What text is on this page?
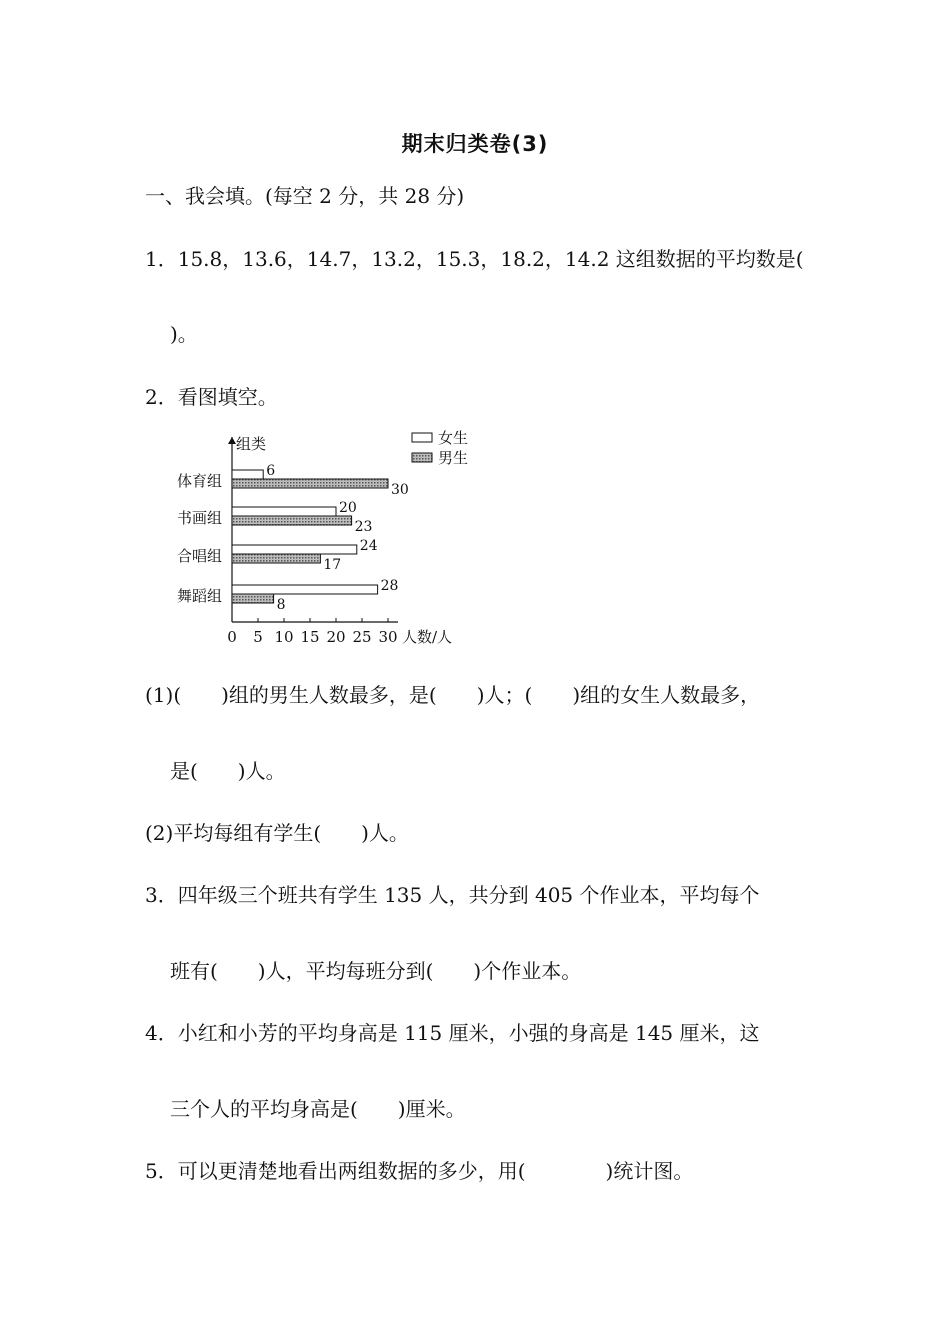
期末归类卷(3)
一、我会填。(每空 2 分，共 28 分)
1．15.8，13.6，14.7，13.2，15.3，18.2，14.2 这组数据的平均数是(
)。
2．看图填空。
组类
0 5 10 15 20 25 30 人数/人
体育组
6
30
书画组
20
23
合唱组
24
17
舞蹈组
28
8
女生
男生
(1)(　　)组的男生人数最多，是(　　)人；(　　)组的女生人数最多，
是(　　)人。
(2)平均每组有学生(　　)人。
3．四年级三个班共有学生 135 人，共分到 405 个作业本，平均每个
班有(　　)人，平均每班分到(　　)个作业本。
4．小红和小芳的平均身高是 115 厘米，小强的身高是 145 厘米，这
三个人的平均身高是(　　)厘米。
5．可以更清楚地看出两组数据的多少，用(　　　　)统计图。
